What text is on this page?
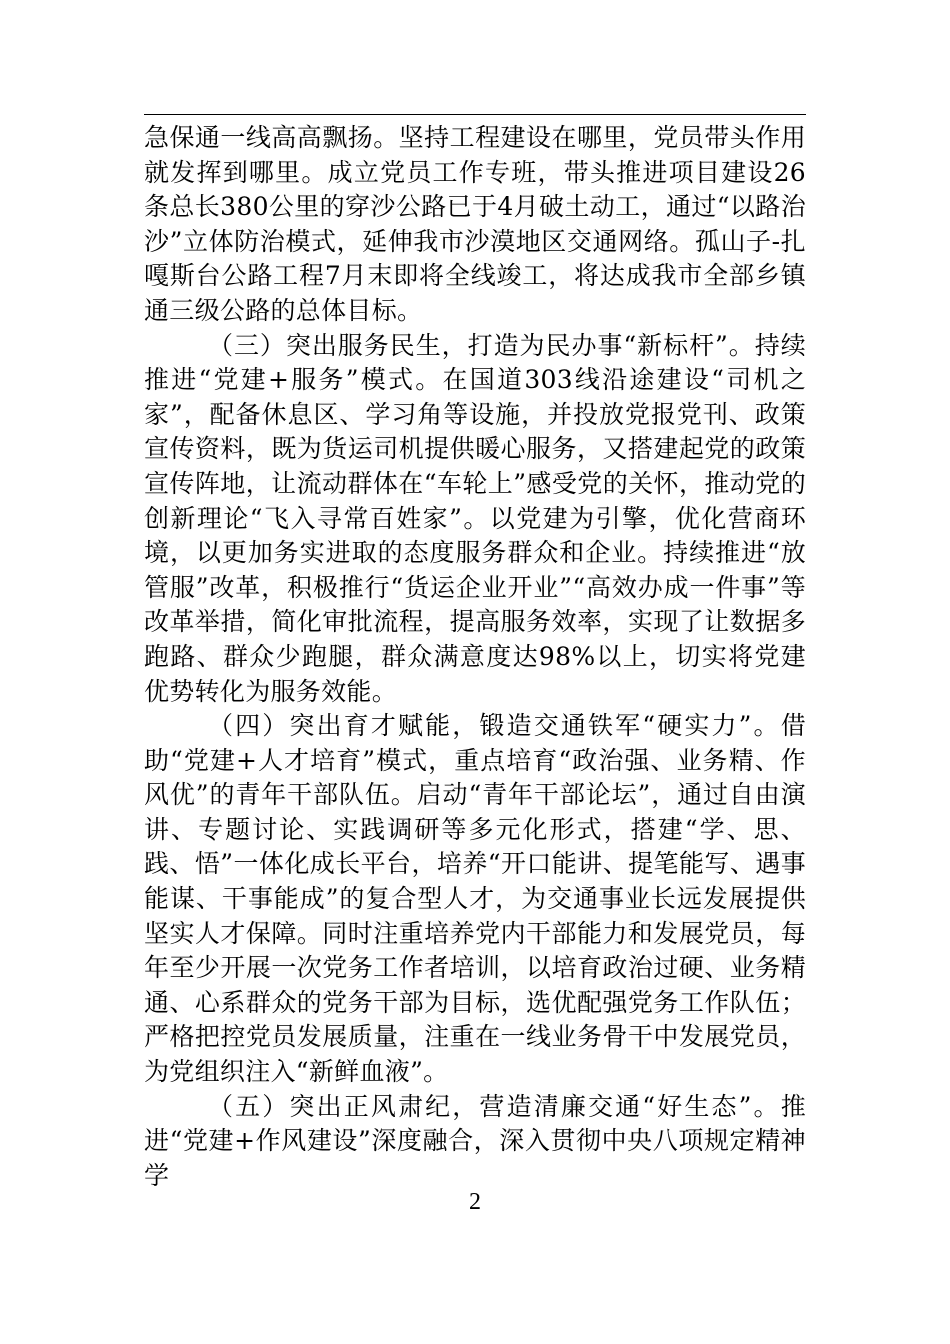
急保通一线高高飘扬。坚持工程建设在哪里，党员带头作用就发挥到哪里。成立党员工作专班，带头推进项目建设26条总长380公里的穿沙公路已于4月破土动工，通过“以路治沙”立体防治模式，延伸我市沙漠地区交通网络。孤山子-扎嘎斯台公路工程7月末即将全线竣工，将达成我市全部乡镇通三级公路的总体目标。

（三）突出服务民生，打造为民办事“新标杆”。持续推进“党建+服务”模式。在国道303线沿途建设“司机之家”，配备休息区、学习角等设施，并投放党报党刊、政策宣传资料，既为货运司机提供暖心服务，又搭建起党的政策宣传阵地，让流动群体在“车轮上”感受党的关怀，推动党的创新理论“飞入寻常百姓家”。以党建为引擎，优化营商环境，以更加务实进取的态度服务群众和企业。持续推进“放管服”改革，积极推行“货运企业开业”“高效办成一件事”等改革举措，简化审批流程，提高服务效率，实现了让数据多跑路、群众少跑腿，群众满意度达98%以上，切实将党建优势转化为服务效能。

（四）突出育才赋能，锻造交通铁军“硬实力”。借助“党建+人才培育”模式，重点培育“政治强、业务精、作风优”的青年干部队伍。启动“青年干部论坛”，通过自由演讲、专题讨论、实践调研等多元化形式，搭建“学、思、践、悟”一体化成长平台，培养“开口能讲、提笔能写、遇事能谋、干事能成”的复合型人才，为交通事业长远发展提供坚实人才保障。同时注重培养党内干部能力和发展党员，每年至少开展一次党务工作者培训，以培育政治过硬、业务精通、心系群众的党务干部为目标，选优配强党务工作队伍；严格把控党员发展质量，注重在一线业务骨干中发展党员，为党组织注入“新鲜血液”。

（五）突出正风肃纪，营造清廉交通“好生态”。推进“党建+作风建设”深度融合，深入贯彻中央八项规定精神学

2
